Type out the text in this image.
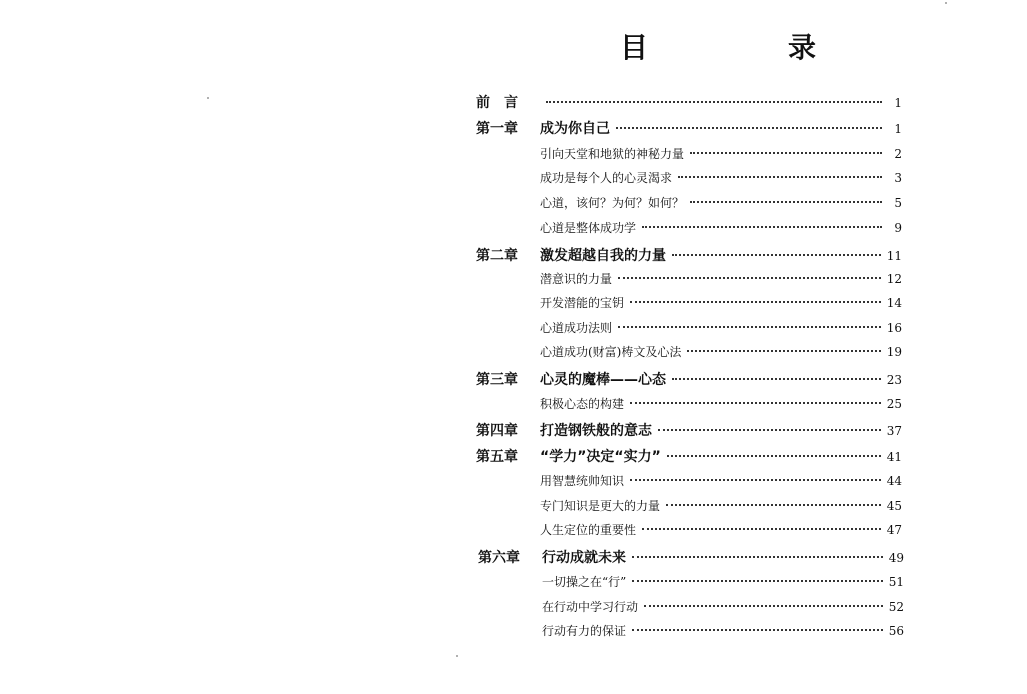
目　录
前　言	1
第一章	成为你自己	1
引向天堂和地狱的神秘力量	2
成功是每个人的心灵渴求	3
心道，该何？为何？如何？	5
心道是整体成功学	9
第二章	激发超越自我的力量	11
潜意识的力量	12
开发潜能的宝钥	14
心道成功法则	16
心道成功(财富)梼文及心法	19
第三章	心灵的魔棒——心态	23
积极心态的构建	25
第四章	打造钢铁般的意志	37
第五章	“学力”决定“实力”	41
用智慧统帅知识	44
专门知识是更大的力量	45
人生定位的重要性	47
第六章	行动成就未来	49
一切操之在“行”	51
在行动中学习行动	52
行动有力的保证	56
